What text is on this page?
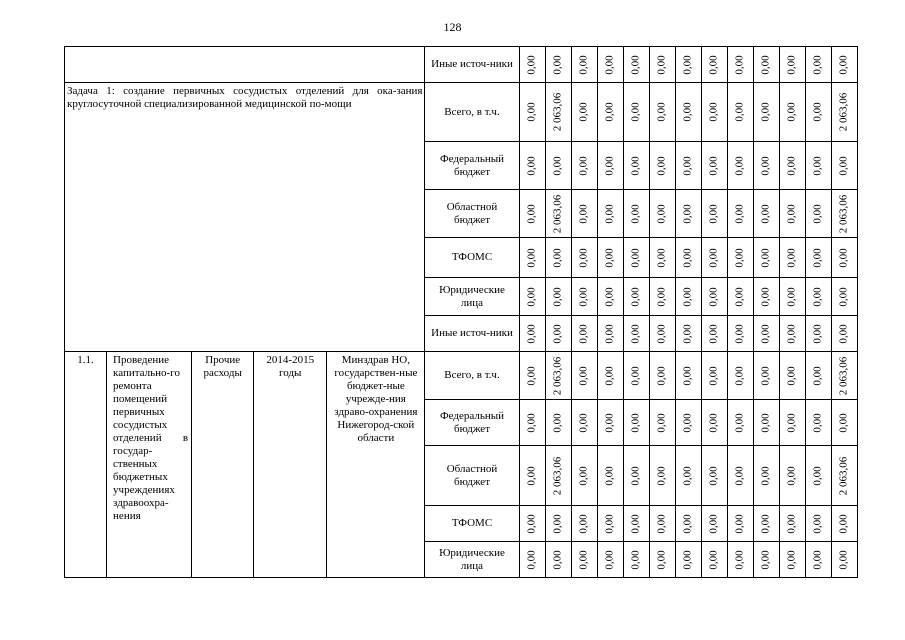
128
					Иные источ-ники	0,00	0,00	0,00	0,00	0,00	0,00	0,00	0,00	0,00	0,00	0,00	0,00	0,00

Задача 1: создание первичных сосудистых отделений для ока-зания круглосуточной специализированной медицинской по-мощи					Всего, в т.ч.	0,00	2 063,06	0,00	0,00	0,00	0,00	0,00	0,00	0,00	0,00	0,00	0,00	2 063,06

					Федеральный бюджет	0,00	0,00	0,00	0,00	0,00	0,00	0,00	0,00	0,00	0,00	0,00	0,00	0,00

					Областной бюджет	0,00	2 063,06	0,00	0,00	0,00	0,00	0,00	0,00	0,00	0,00	0,00	0,00	2 063,06

					ТФОМС	0,00	0,00	0,00	0,00	0,00	0,00	0,00	0,00	0,00	0,00	0,00	0,00	0,00

					Юридические лица	0,00	0,00	0,00	0,00	0,00	0,00	0,00	0,00	0,00	0,00	0,00	0,00	0,00

					Иные источ-ники	0,00	0,00	0,00	0,00	0,00	0,00	0,00	0,00	0,00	0,00	0,00	0,00	0,00

1.1.	Проведение капитально-го ремонта помещений первичных сосудистых отделений в государ-ственных бюджетных учреждениях здравоохра-нения	Прочие расходы	2014-2015 годы	Минздрав НО, государствен-ные бюджет-ные учрежде-ния здраво-охранения Нижегород-ской области	Всего, в т.ч.	0,00	2 063,06	0,00	0,00	0,00	0,00	0,00	0,00	0,00	0,00	0,00	0,00	2 063,06

					Федеральный бюджет	0,00	0,00	0,00	0,00	0,00	0,00	0,00	0,00	0,00	0,00	0,00	0,00	0,00

					Областной бюджет	0,00	2 063,06	0,00	0,00	0,00	0,00	0,00	0,00	0,00	0,00	0,00	0,00	2 063,06

					ТФОМС	0,00	0,00	0,00	0,00	0,00	0,00	0,00	0,00	0,00	0,00	0,00	0,00	0,00

					Юридические лица	0,00	0,00	0,00	0,00	0,00	0,00	0,00	0,00	0,00	0,00	0,00	0,00	0,00
